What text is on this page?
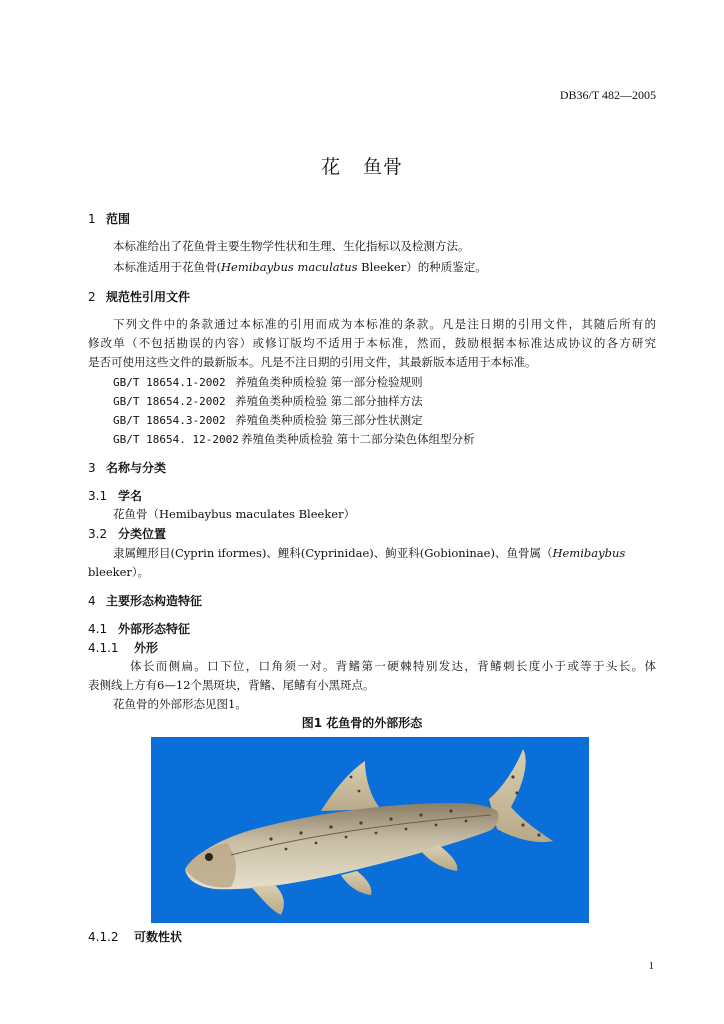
DB36/T 482—2005
花 鱼骨
1 范围
本标准给出了花鱼骨主要生物学性状和生理、生化指标以及检测方法。
本标准适用于花鱼骨(Hemibaybus maculatus Bleeker）的种质鉴定。
2 规范性引用文件
下列文件中的条款通过本标准的引用而成为本标准的条款。凡是注日期的引用文件，其随后所有的
修改单（不包括勘误的内容）或修订版均不适用于本标准，然而，鼓励根据本标准达成协议的各方研究
是否可使用这些文件的最新版本。凡是不注日期的引用文件，其最新版本适用于本标准。
GB/T 18654.1-2002 养殖鱼类种质检验 第一部分检验规则
GB/T 18654.2-2002 养殖鱼类种质检验 第二部分抽样方法
GB/T 18654.3-2002 养殖鱼类种质检验 第三部分性状测定
GB/T 18654. 12-2002 养殖鱼类种质检验 第十二部分染色体组型分析
3 名称与分类
3.1 学名
花鱼骨（Hemibaybus maculates Bleeker）
3.2 分类位置
隶属鲤形目(Cyprin iformes)、鲤科(Cyprinidae)、鮈亚科(Gobioninae)、鱼骨属（Hemibaybus
bleeker）。
4 主要形态构造特征
4.1 外部形态特征
4.1.1 外形
体长而侧扁。口下位，口角须一对。背鳍第一硬棘特别发达，背鳍刺长度小于或等于头长。体
表侧线上方有6—12个黑斑块，背鳍、尾鳍有小黑斑点。
花鱼骨的外部形态见图1。
图1 花鱼骨的外部形态
4.1.2 可数性状
1
